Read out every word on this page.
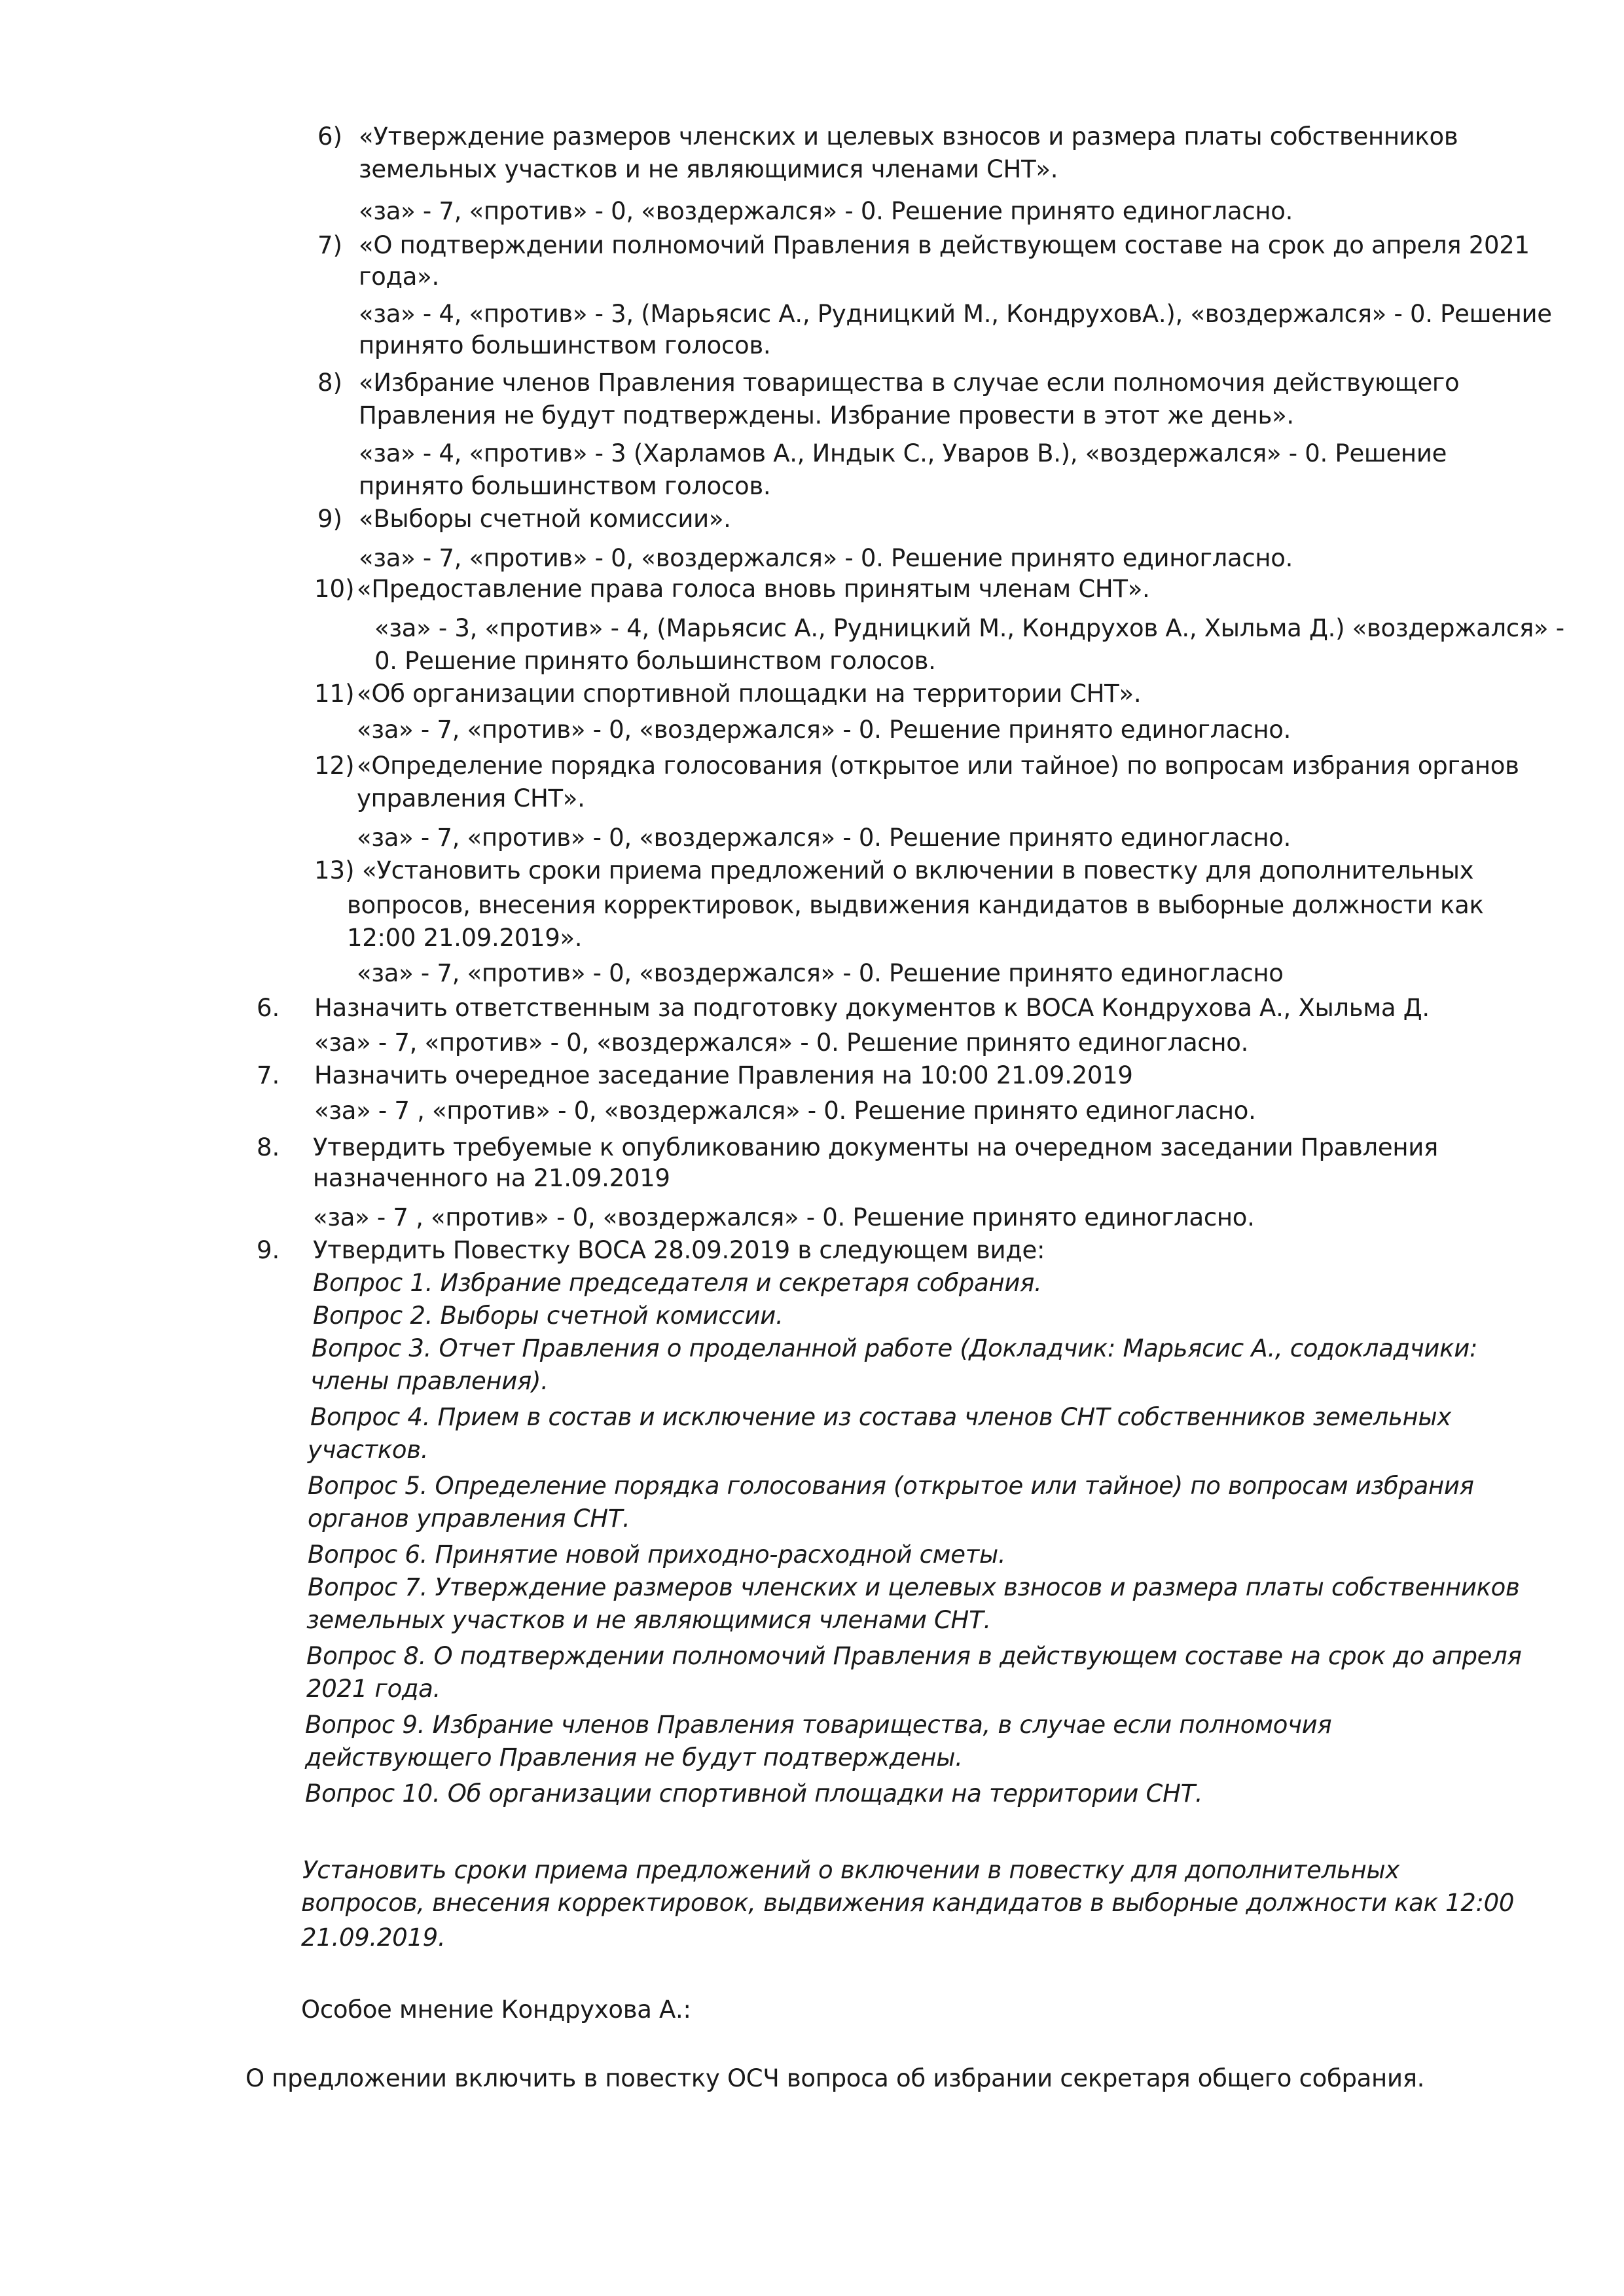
6) «Утверждение размеров членских и целевых взносов и размера платы собственников
земельных участков и не являющимися членами СНТ».
«за» - 7, «против» - 0, «воздержался» - 0. Решение принято единогласно.
7) «О подтверждении полномочий Правления в действующем составе на срок до апреля 2021
года».
«за» - 4, «против» - 3, (Марьясис А., Рудницкий М., КондруховА.), «воздержался» - 0. Решение
принято большинством голосов.
8) «Избрание членов Правления товарищества в случае если полномочия действующего
Правления не будут подтверждены. Избрание провести в этот же день».
«за» - 4, «против» - 3 (Харламов А., Индык С., Уваров В.), «воздержался» - 0. Решение
принято большинством голосов.
9) «Выборы счетной комиссии».
«за» - 7, «против» - 0, «воздержался» - 0. Решение принято единогласно.
10) «Предоставление права голоса вновь принятым членам СНТ».
«за» - 3, «против» - 4, (Марьясис А., Рудницкий М., Кондрухов А., Хыльма Д.) «воздержался» -
0. Решение принято большинством голосов.
11) «Об организации спортивной площадки на территории СНТ».
«за» - 7, «против» - 0, «воздержался» - 0. Решение принято единогласно.
12) «Определение порядка голосования (открытое или тайное) по вопросам избрания органов
управления СНТ».
«за» - 7, «против» - 0, «воздержался» - 0. Решение принято единогласно.
13) «Установить сроки приема предложений о включении в повестку для дополнительных
вопросов, внесения корректировок, выдвижения кандидатов в выборные должности как
12:00 21.09.2019».
«за» - 7, «против» - 0, «воздержался» - 0. Решение принято единогласно
6. Назначить ответственным за подготовку документов к ВОСА Кондрухова А., Хыльма Д.
«за» - 7, «против» - 0, «воздержался» - 0. Решение принято единогласно.
7. Назначить очередное заседание Правления на 10:00 21.09.2019
«за» - 7 , «против» - 0, «воздержался» - 0. Решение принято единогласно.
8. Утвердить требуемые к опубликованию документы на очередном заседании Правления
назначенного на 21.09.2019
«за» - 7 , «против» - 0, «воздержался» - 0. Решение принято единогласно.
9. Утвердить Повестку ВОСА 28.09.2019 в следующем виде:
Вопрос 1. Избрание председателя и секретаря собрания.
Вопрос 2. Выборы счетной комиссии.
Вопрос 3. Отчет Правления о проделанной работе (Докладчик: Марьясис А., содокладчики:
члены правления).
Вопрос 4. Прием в состав и исключение из состава членов СНТ собственников земельных
участков.
Вопрос 5. Определение порядка голосования (открытое или тайное) по вопросам избрания
органов управления СНТ.
Вопрос 6. Принятие новой приходно-расходной сметы.
Вопрос 7. Утверждение размеров членских и целевых взносов и размера платы собственников
земельных участков и не являющимися членами СНТ.
Вопрос 8. О подтверждении полномочий Правления в действующем составе на срок до апреля
2021 года.
Вопрос 9. Избрание членов Правления товарищества, в случае если полномочия
действующего Правления не будут подтверждены.
Вопрос 10. Об организации спортивной площадки на территории СНТ.
Установить сроки приема предложений о включении в повестку для дополнительных
вопросов, внесения корректировок, выдвижения кандидатов в выборные должности как 12:00
21.09.2019.
Особое мнение Кондрухова А.:
О предложении включить в повестку ОСЧ вопроса об избрании секретаря общего собрания.
